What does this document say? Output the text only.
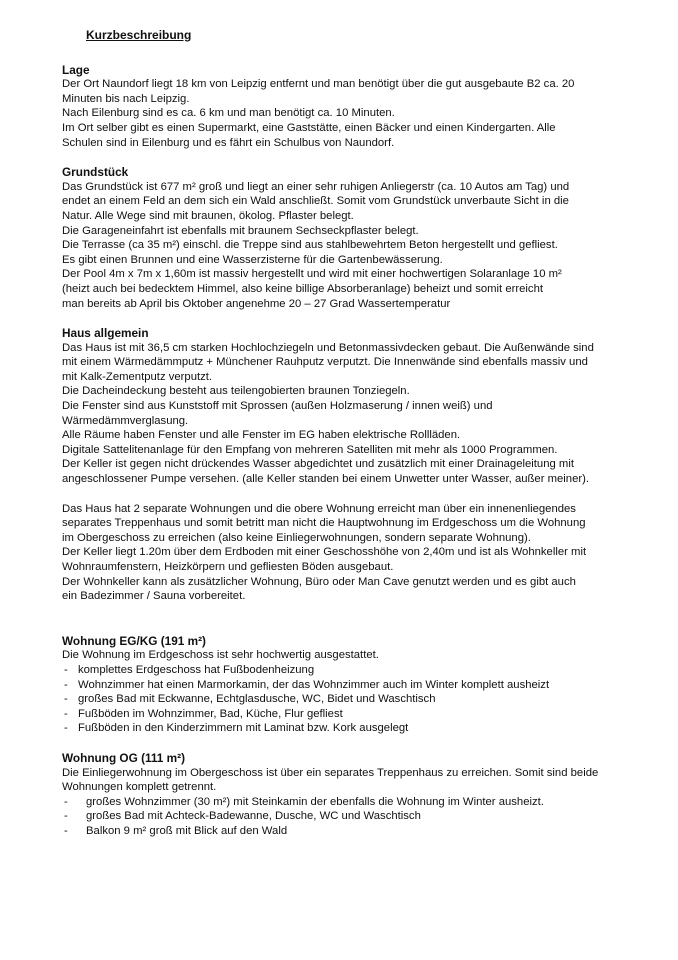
Kurzbeschreibung
Lage
Der Ort Naundorf liegt 18 km von Leipzig entfernt und man benötigt über die gut ausgebaute B2 ca. 20
Minuten bis nach Leipzig.
Nach Eilenburg sind es ca. 6 km und man benötigt ca. 10 Minuten.
Im Ort selber gibt es einen Supermarkt, eine Gaststätte, einen Bäcker und einen Kindergarten. Alle
Schulen sind in Eilenburg und es fährt ein Schulbus von Naundorf.
Grundstück
Das Grundstück ist 677 m² groß und liegt an einer sehr ruhigen Anliegerstr (ca. 10 Autos am Tag) und
endet an einem Feld an dem sich ein Wald anschließt. Somit vom Grundstück unverbaute Sicht in die
Natur. Alle Wege sind mit braunen, ökolog. Pflaster belegt.
Die Garageneinfahrt ist ebenfalls mit braunem Sechseckpflaster belegt.
Die Terrasse (ca 35 m²) einschl. die Treppe sind aus stahlbewehrtem Beton hergestellt und gefliest.
Es gibt einen Brunnen und eine Wasserzisterne für die Gartenbewässerung.
Der Pool 4m x 7m x 1,60m ist massiv hergestellt und wird mit einer hochwertigen Solaranlage 10 m²
(heizt auch bei bedecktem Himmel, also keine billige Absorberanlage) beheizt und somit erreicht
man bereits ab April bis Oktober angenehme 20 – 27 Grad Wassertemperatur
Haus allgemein
Das Haus ist mit 36,5 cm starken Hochlochziegeln und Betonmassivdecken gebaut. Die Außenwände sind
mit einem Wärmedämmputz + Münchener Rauhputz verputzt. Die Innenwände sind ebenfalls massiv und
mit Kalk-Zementputz verputzt.
Die Dacheindeckung besteht aus teilengobierten braunen Tonziegeln.
Die Fenster sind aus Kunststoff mit Sprossen (außen Holzmaserung / innen weiß) und
Wärmedämmverglasung.
Alle Räume haben Fenster und alle Fenster im EG haben elektrische Rollläden.
Digitale Sattelitenanlage für den Empfang von mehreren Satelliten mit mehr als 1000 Programmen.
Der Keller ist gegen nicht drückendes Wasser abgedichtet und zusätzlich mit einer Drainageleitung mit
angeschlossener Pumpe versehen. (alle Keller standen bei einem Unwetter unter Wasser, außer meiner).
Das Haus hat 2 separate Wohnungen und die obere Wohnung erreicht man über ein innenenliegendes
separates Treppenhaus und somit betritt man nicht die Hauptwohnung im Erdgeschoss um die Wohnung
im Obergeschoss zu erreichen (also keine Einliegerwohnungen, sondern separate Wohnung).
Der Keller liegt 1.20m über dem Erdboden mit einer Geschosshöhe von 2,40m und ist als Wohnkeller mit
Wohnraumfenstern, Heizkörpern und gefliesten Böden ausgebaut.
Der Wohnkeller kann als zusätzlicher Wohnung, Büro oder Man Cave genutzt werden und es gibt auch
ein Badezimmer / Sauna vorbereitet.
Wohnung EG/KG (191 m²)
Die Wohnung im Erdgeschoss ist sehr hochwertig ausgestattet.
- komplettes Erdgeschoss hat Fußbodenheizung
- Wohnzimmer hat einen Marmorkamin, der das Wohnzimmer auch im Winter komplett ausheizt
- großes Bad mit Eckwanne, Echtglasdusche, WC, Bidet und Waschtisch
- Fußböden im Wohnzimmer, Bad, Küche, Flur gefliest
- Fußböden in den Kinderzimmern mit Laminat bzw. Kork ausgelegt
Wohnung OG (111 m²)
Die Einliegerwohnung im Obergeschoss ist über ein separates Treppenhaus zu erreichen. Somit sind beide
Wohnungen komplett getrennt.
-	großes Wohnzimmer (30 m²) mit Steinkamin der ebenfalls die Wohnung im Winter ausheizt.
-	großes Bad mit Achteck-Badewanne, Dusche, WC und Waschtisch
-	Balkon 9 m² groß mit Blick auf den Wald
